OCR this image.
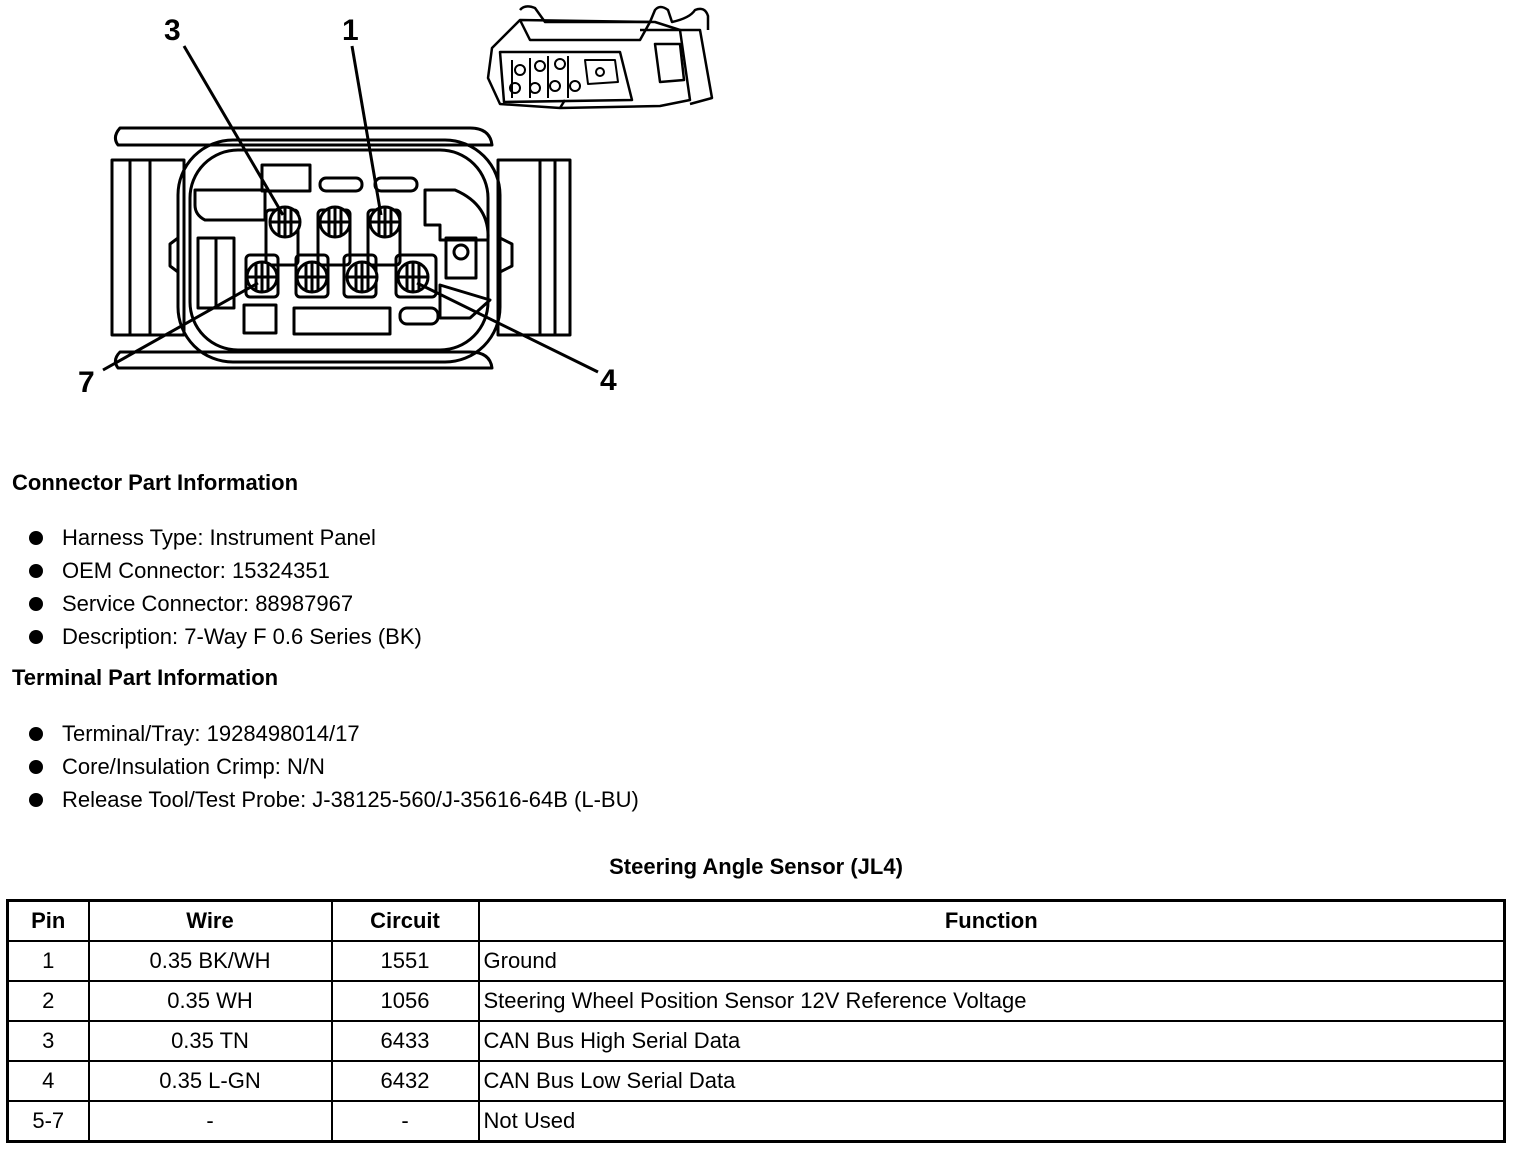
3	1
7	4
Connector Part Information
Harness Type: Instrument Panel
OEM Connector: 15324351
Service Connector: 88987967
Description: 7-Way F 0.6 Series (BK)
Terminal Part Information
Terminal/Tray: 1928498014/17
Core/Insulation Crimp: N/N
Release Tool/Test Probe: J-38125-560/J-35616-64B (L-BU)
Steering Angle Sensor (JL4)
Pin	Wire	Circuit	Function
1	0.35 BK/WH	1551	Ground
2	0.35 WH	1056	Steering Wheel Position Sensor 12V Reference Voltage
3	0.35 TN	6433	CAN Bus High Serial Data
4	0.35 L-GN	6432	CAN Bus Low Serial Data
5-7	-	-	Not Used
